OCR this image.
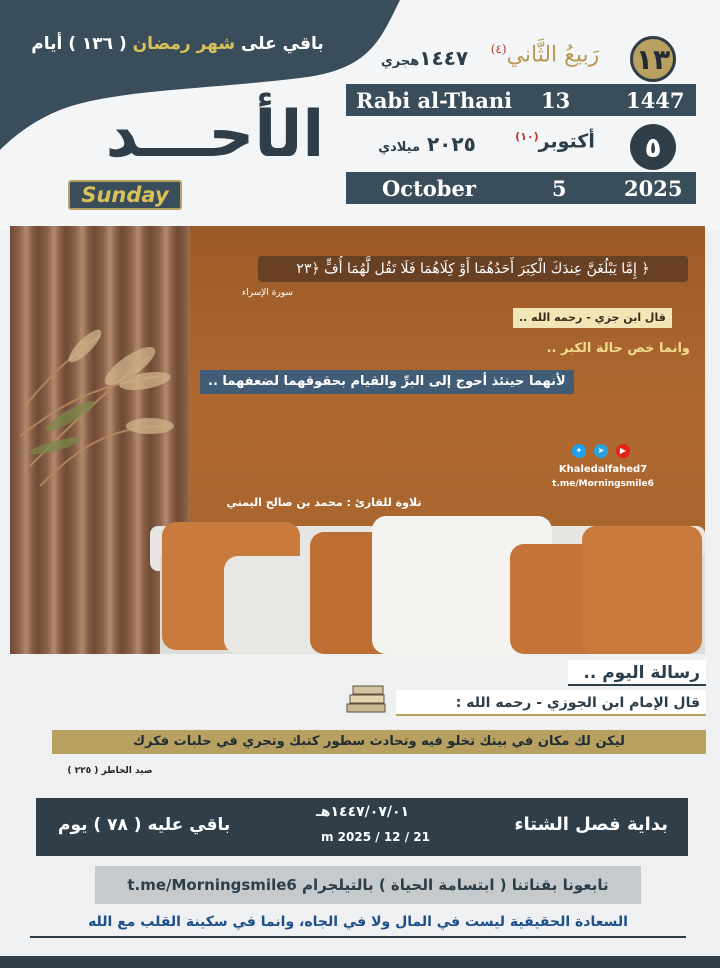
باقي على شهر رمضان ( ١٣٦ ) أيام	١٣
رَبيعُ الثَّاني$^{(٤)}$
١٤٤٧هجري
Rabi al-Thani 13	1447
٥
أكتوبر$^{(١٠)}$
٢٠٢٥ ميلادي
October	5	2025
الأحـــد
Sunday
﴿ إِمَّا يَبْلُغَنَّ عِندَكَ الْكِبَرَ أَحَدُهُمَا أَوْ كِلَاهُمَا فَلَا تَقُل لَّهُمَا أُفٍّ ﴿٢٣
سورة الإسراء
قال ابن جزي - رحمه الله ..
وانما خص حالة الكبر ..
لأنهما حينئذ أحوج إلى البرِّ والقيام بحقوقهما لضعفهما ..
✦	➤	▶
Khaledalfahed7
t.me/Morningsmile6
تلاوة للقارئ : محمد بن صالح اليمني
رسالة اليوم ..
قال الإمام ابن الجوزي - رحمه الله :
ليكن لك مكان في بيتك تخلو فيه وتحادث سطور كتبك وتجري في حلبات فكرك
صيد الخاطر ( ٢٢٥ )
بداية فصل الشتاء
١٤٤٧/٠٧/٠١هـ
m 2025 / 12 / 21
باقي عليه ( ٧٨ ) يوم
تابعونا بقناتنا ( ابتسامة الحياة ) بالتيلجرام t.me/Morningsmile6
السعادة الحقيقية ليست في المال ولا في الجاه، وانما في سكينة القلب مع الله
